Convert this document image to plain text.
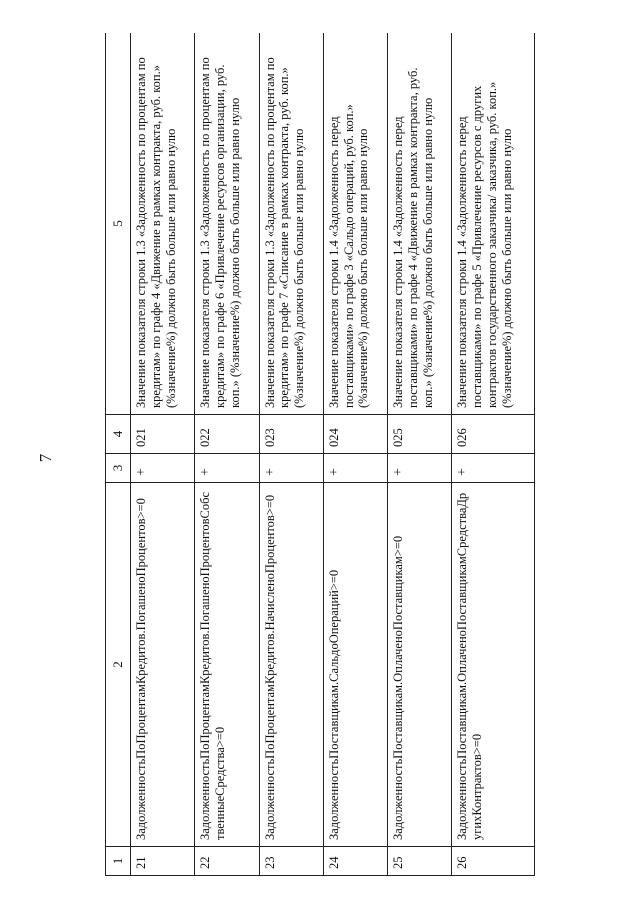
7
1	2	3	4	5
21	ЗадолженностьПоПроцентамКредитов.ПогашеноПроцентов>=0	+	021	Значение показателя строки 1.3 «Задолженность по процентам по кредитам» по графе 4 «Движение в рамках контракта, руб. коп.» (%значение%) должно быть больше или равно нулю
22	ЗадолженностьПоПроцентамКредитов.ПогашеноПроцентовСобственныеСредства>=0	+	022	Значение показателя строки 1.3 «Задолженность по процентам по кредитам» по графе 6 «Привлечение ресурсов организации, руб. коп.» (%значение%) должно быть больше или равно нулю
23	ЗадолженностьПоПроцентамКредитов.НачисленоПроцентов>=0	+	023	Значение показателя строки 1.3 «Задолженность по процентам по кредитам» по графе 7 «Списание в рамках контракта, руб. коп.» (%значение%) должно быть больше или равно нулю
24	ЗадолженностьПоставщикам.СальдоОпераций>=0	+	024	Значение показателя строки 1.4 «Задолженность перед поставщиками» по графе 3 «Сальдо операций, руб. коп.» (%значение%) должно быть больше или равно нулю
25	ЗадолженностьПоставщикам.ОплаченоПоставщикам>=0	+	025	Значение показателя строки 1.4 «Задолженность перед поставщиками» по графе 4 «Движение в рамках контракта, руб. коп.» (%значение%) должно быть больше или равно нулю
26	ЗадолженностьПоставщикам.ОплаченоПоставщикамСредстваДругихКонтрактов>=0	+	026	Значение показателя строки 1.4 «Задолженность перед поставщиками» по графе 5 «Привлечение ресурсов с других контрактов государственного заказчика/ заказчика, руб. коп.» (%значение%) должно быть больше или равно нулю
